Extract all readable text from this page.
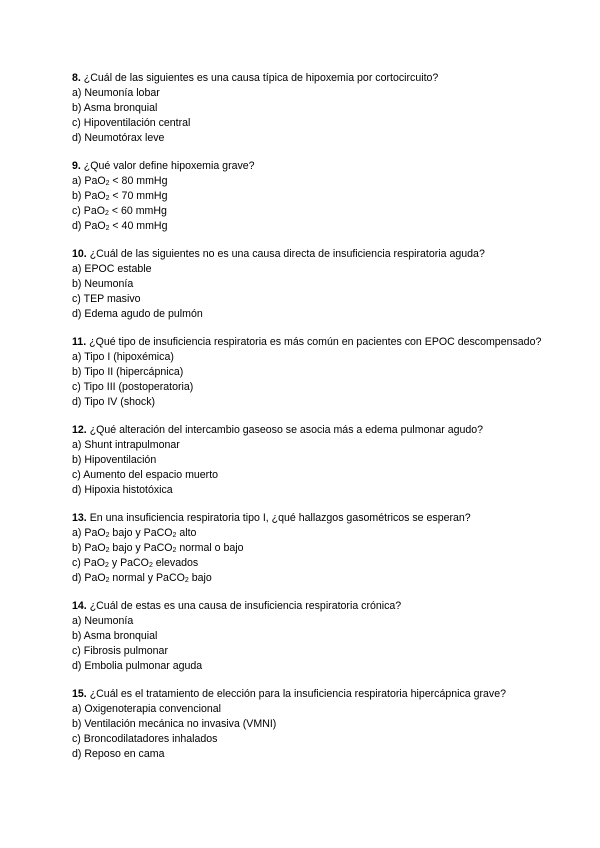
8. ¿Cuál de las siguientes es una causa típica de hipoxemia por cortocircuito?

a) Neumonía lobar

b) Asma bronquial

c) Hipoventilación central

d) Neumotórax leve

9. ¿Qué valor define hipoxemia grave?

a) PaO$_2$ < 80 mmHg

b) PaO$_2$ < 70 mmHg

c) PaO$_2$ < 60 mmHg

d) PaO$_2$ < 40 mmHg

10. ¿Cuál de las siguientes no es una causa directa de insuficiencia respiratoria aguda?

a) EPOC estable

b) Neumonía

c) TEP masivo

d) Edema agudo de pulmón

11. ¿Qué tipo de insuficiencia respiratoria es más común en pacientes con EPOC descompensado?

a) Tipo I (hipoxémica)

b) Tipo II (hipercápnica)

c) Tipo III (postoperatoria)

d) Tipo IV (shock)

12. ¿Qué alteración del intercambio gaseoso se asocia más a edema pulmonar agudo?

a) Shunt intrapulmonar

b) Hipoventilación

c) Aumento del espacio muerto

d) Hipoxia histotóxica

13. En una insuficiencia respiratoria tipo I, ¿qué hallazgos gasométricos se esperan?

a) PaO$_2$ bajo y PaCO$_2$ alto

b) PaO$_2$ bajo y PaCO$_2$ normal o bajo

c) PaO$_2$ y PaCO$_2$ elevados

d) PaO$_2$ normal y PaCO$_2$ bajo

14. ¿Cuál de estas es una causa de insuficiencia respiratoria crónica?

a) Neumonía

b) Asma bronquial

c) Fibrosis pulmonar

d) Embolia pulmonar aguda

15. ¿Cuál es el tratamiento de elección para la insuficiencia respiratoria hipercápnica grave?

a) Oxigenoterapia convencional

b) Ventilación mecánica no invasiva (VMNI)

c) Broncodilatadores inhalados

d) Reposo en cama
